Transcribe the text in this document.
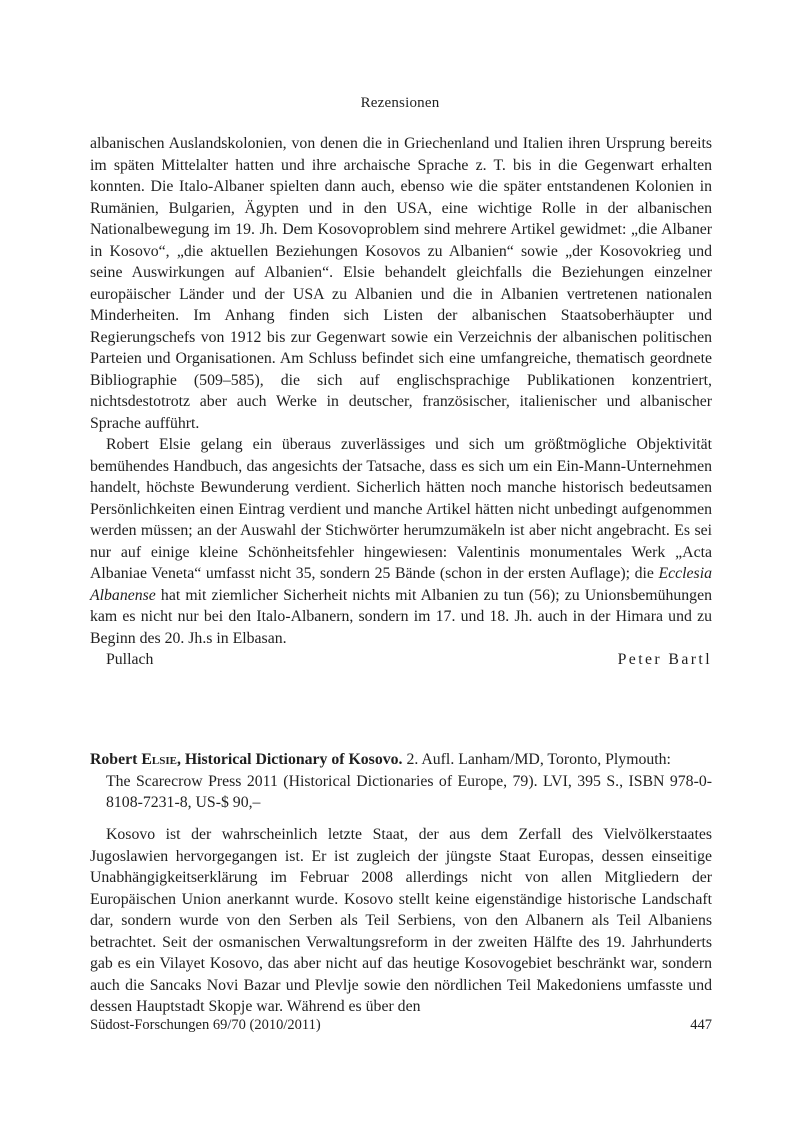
Rezensionen

albanischen Auslandskolonien, von denen die in Griechenland und Italien ihren Ursprung bereits im späten Mittelalter hatten und ihre archaische Sprache z. T. bis in die Gegenwart erhalten konnten. Die Italo-Albaner spielten dann auch, ebenso wie die später entstandenen Kolonien in Rumänien, Bulgarien, Ägypten und in den USA, eine wichtige Rolle in der albanischen Nationalbewegung im 19. Jh. Dem Kosovoproblem sind mehrere Artikel gewidmet: „die Albaner in Kosovo“, „die aktuellen Beziehungen Kosovos zu Albanien“ sowie „der Kosovokrieg und seine Auswirkungen auf Albanien“. Elsie behandelt gleichfalls die Beziehungen einzelner europäischer Länder und der USA zu Albanien und die in Albanien vertretenen nationalen Minderheiten. Im Anhang finden sich Listen der albanischen Staatsoberhäupter und Regierungschefs von 1912 bis zur Gegenwart sowie ein Verzeichnis der albanischen politischen Parteien und Organisationen. Am Schluss befindet sich eine umfangreiche, thematisch geordnete Bibliographie (509–585), die sich auf englischsprachige Publikationen konzentriert, nichtsdestotrotz aber auch Werke in deutscher, französischer, italienischer und albanischer Sprache aufführt.

Robert Elsie gelang ein überaus zuverlässiges und sich um größtmögliche Objektivität bemühendes Handbuch, das angesichts der Tatsache, dass es sich um ein Ein-Mann-Unternehmen handelt, höchste Bewunderung verdient. Sicherlich hätten noch manche historisch bedeutsamen Persönlichkeiten einen Eintrag verdient und manche Artikel hätten nicht unbedingt aufgenommen werden müssen; an der Auswahl der Stichwörter herumzumäkeln ist aber nicht angebracht. Es sei nur auf einige kleine Schönheitsfehler hingewiesen: Valentinis monumentales Werk „Acta Albaniae Veneta“ umfasst nicht 35, sondern 25 Bände (schon in der ersten Auflage); die Ecclesia Albanense hat mit ziemlicher Sicherheit nichts mit Albanien zu tun (56); zu Unionsbemühungen kam es nicht nur bei den Italo-Albanern, sondern im 17. und 18. Jh. auch in der Himara und zu Beginn des 20. Jh.s in Elbasan.

Pullach	Peter Bartl

Robert Elsie, Historical Dictionary of Kosovo. 2. Aufl. Lanham/MD, Toronto, Plymouth:

The Scarecrow Press 2011 (Historical Dictionaries of Europe, 79). LVI, 395 S., ISBN 978-0-8108-7231-8, US-$ 90,–

Kosovo ist der wahrscheinlich letzte Staat, der aus dem Zerfall des Vielvölkerstaates Jugoslawien hervorgegangen ist. Er ist zugleich der jüngste Staat Europas, dessen einseitige Unabhängigkeitserklärung im Februar 2008 allerdings nicht von allen Mitgliedern der Europäischen Union anerkannt wurde. Kosovo stellt keine eigenständige historische Landschaft dar, sondern wurde von den Serben als Teil Serbiens, von den Albanern als Teil Albaniens betrachtet. Seit der osmanischen Verwaltungsreform in der zweiten Hälfte des 19. Jahrhunderts gab es ein Vilayet Kosovo, das aber nicht auf das heutige Kosovogebiet beschränkt war, sondern auch die Sancaks Novi Bazar und Plevlje sowie den nördlichen Teil Makedoniens umfasste und dessen Hauptstadt Skopje war. Während es über den

Südost-Forschungen 69/70 (2010/2011)	447
